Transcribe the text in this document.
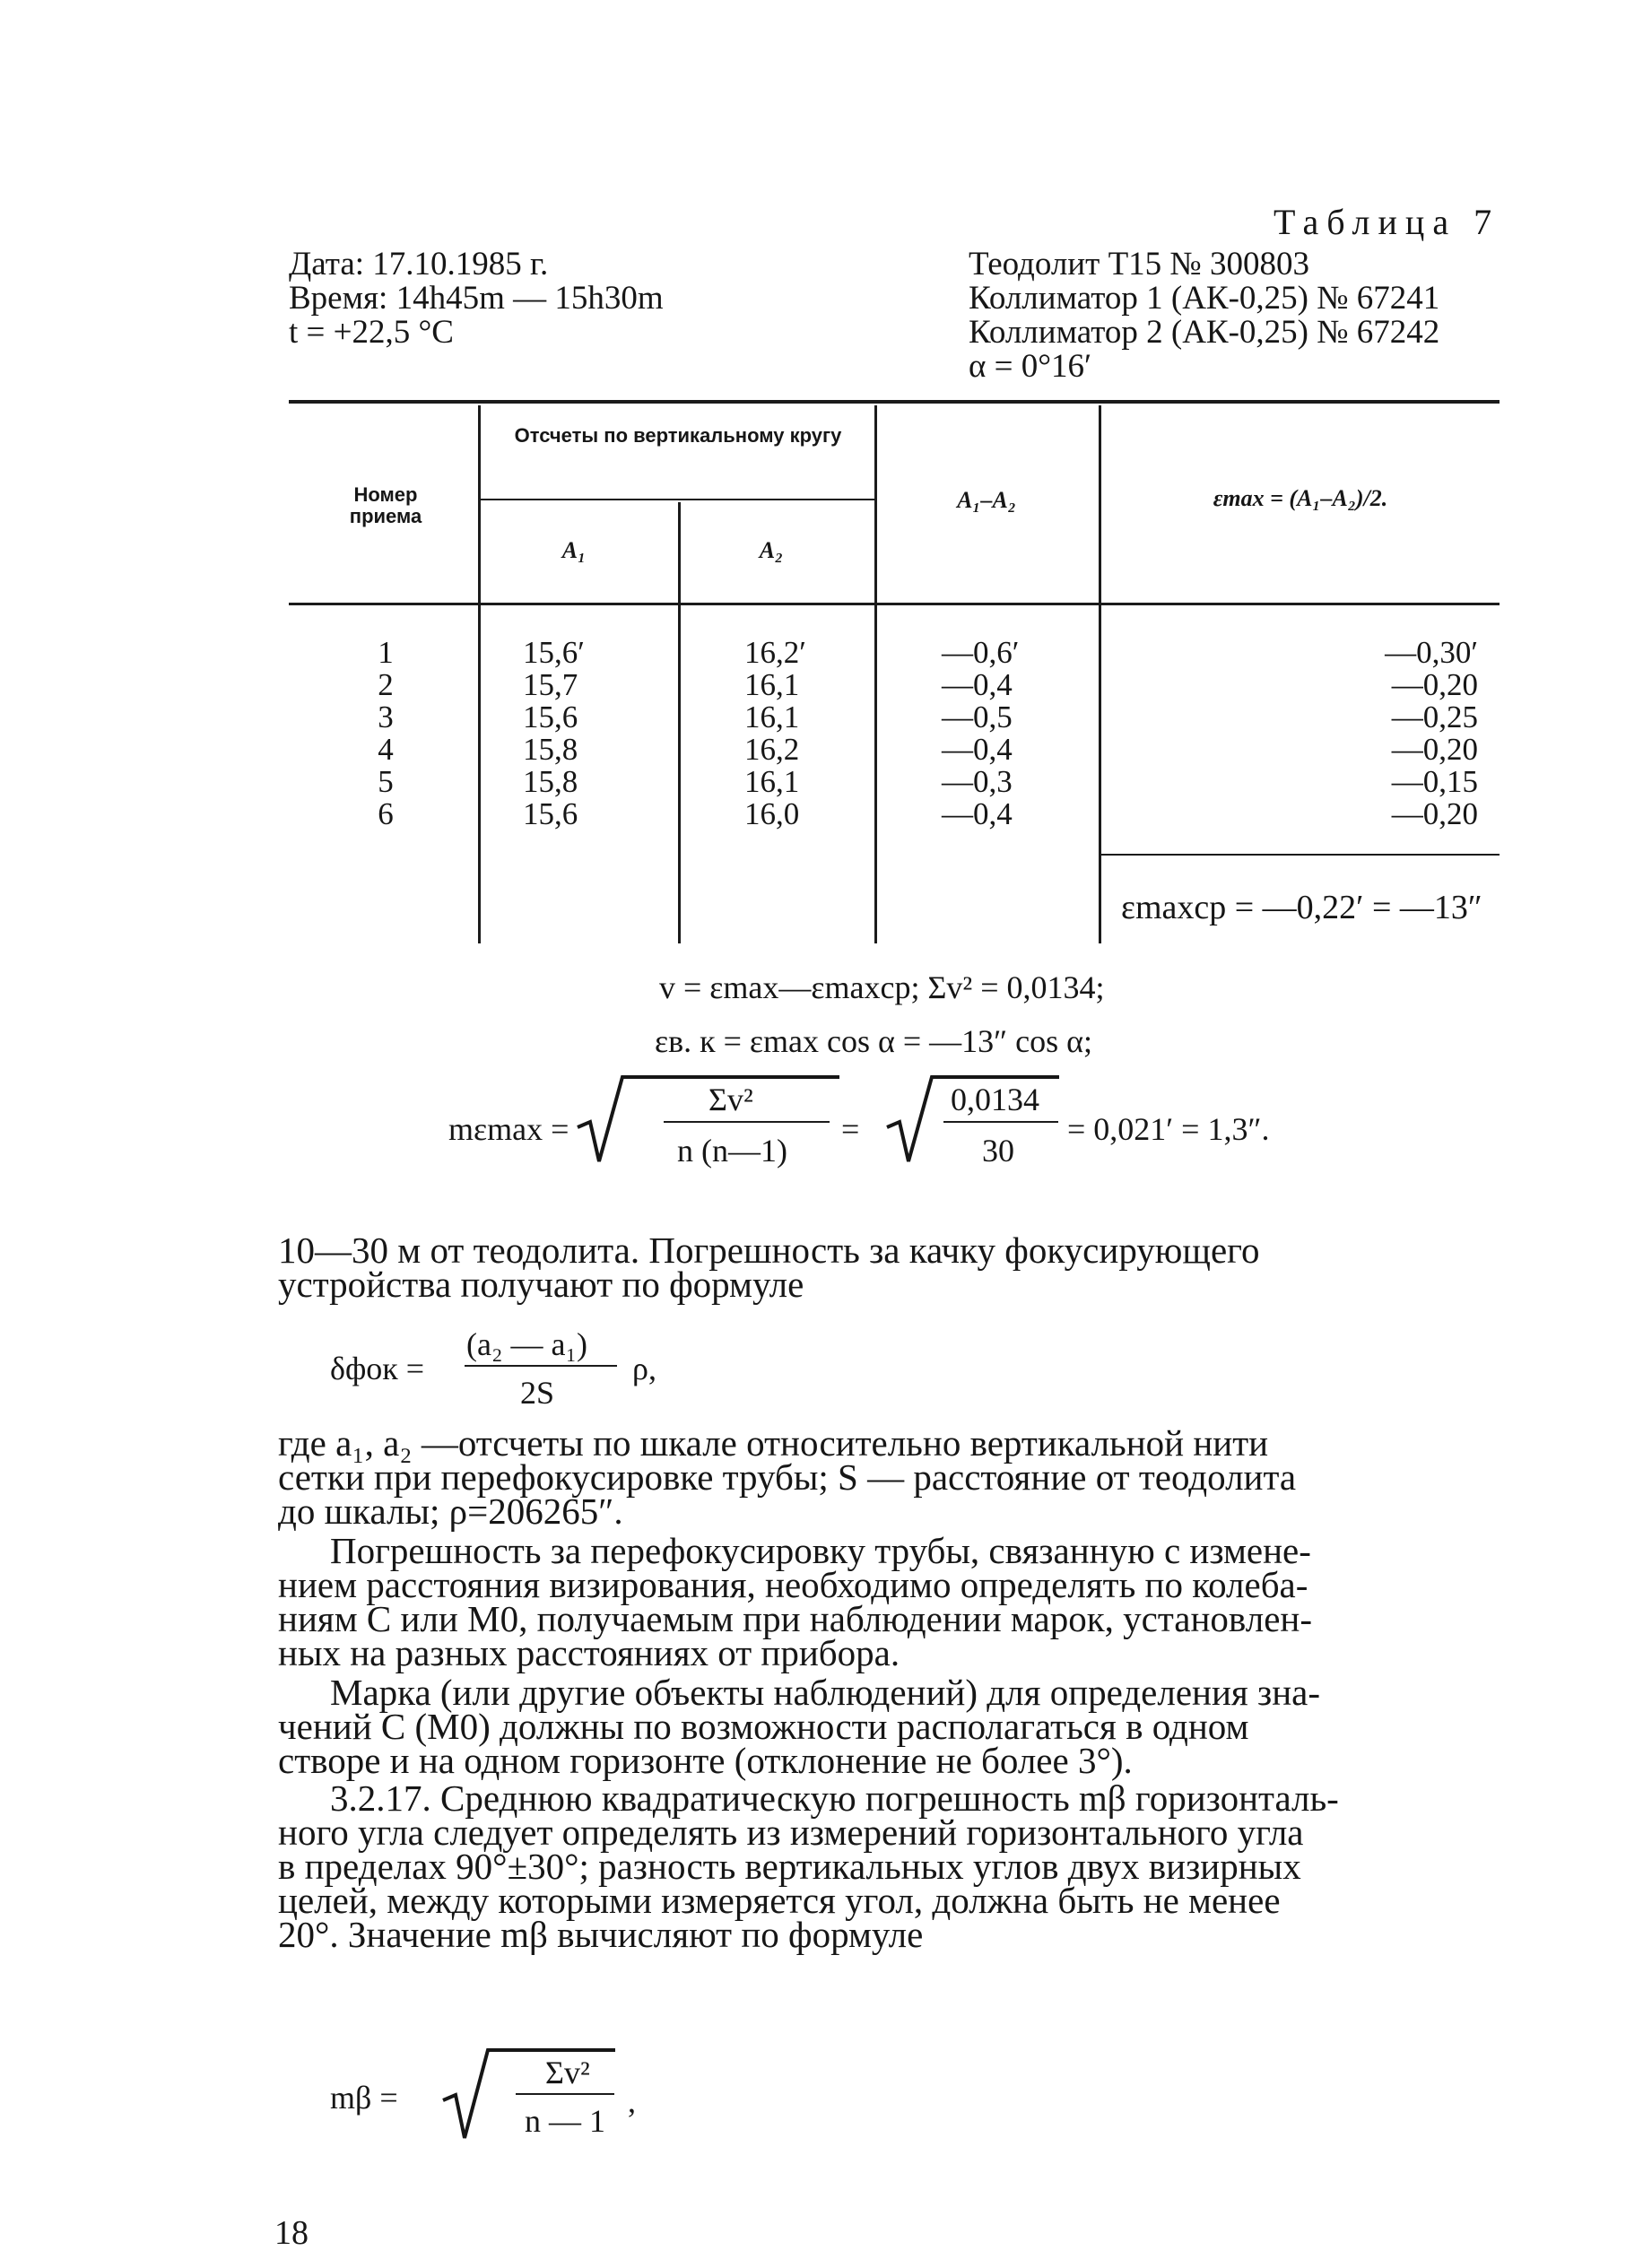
Таблица 7
Дата: 17.10.1985 г.
Время: 14h45m — 15h30m
t = +22,5 °C
Теодолит Т15 № 300803
Коллиматор 1 (АК-0,25) № 67241
Коллиматор 2 (АК-0,25) № 67242
α = 0°16′
Номер приема
Отсчеты по вертикальному кругу
A₁	A₂
A₁–A₂	εmax = (A₁–A₂)/2.
1
2
3
4
5
6
15,6′
15,7
15,6
15,8
15,8
15,6
16,2′
16,1
16,1
16,2
16,1
16,0
—0,6′
—0,4
—0,5
—0,4
—0,3
—0,4
—0,30′
—0,20
—0,25
—0,20
—0,15
—0,20
εmaxср = —0,22′ = —13″
v = εmax—εmaxср; Σv² = 0,0134;
εв. к = εmax cos α = —13″ cos α;
mεmax =
Σv²
n (n—1)
=
0,0134
30
= 0,021′ = 1,3″.
10—30 м от теодолита. Погрешность за качку фокусирующего
устройства получают по формуле
δфок =
(a₂ — a₁)
2S
ρ,
где a₁, a₂ —отсчеты по шкале относительно вертикальной нити
сетки при перефокусировке трубы; S — расстояние от теодолита
до шкалы; ρ=206265″.
Погрешность за перефокусировку трубы, связанную с измене-
нием расстояния визирования, необходимо определять по колеба-
ниям C или M0, получаемым при наблюдении марок, установлен-
ных на разных расстояниях от прибора.
Марка (или другие объекты наблюдений) для определения зна-
чений C (M0) должны по возможности располагаться в одном
створе и на одном горизонте (отклонение не более 3°).
3.2.17. Среднюю квадратическую погрешность mβ горизонталь-
ного угла следует определять из измерений горизонтального угла
в пределах 90°±30°; разность вертикальных углов двух визирных
целей, между которыми измеряется угол, должна быть не менее
20°. Значение mβ вычисляют по формуле
mβ =
Σv²
n — 1
,
18
